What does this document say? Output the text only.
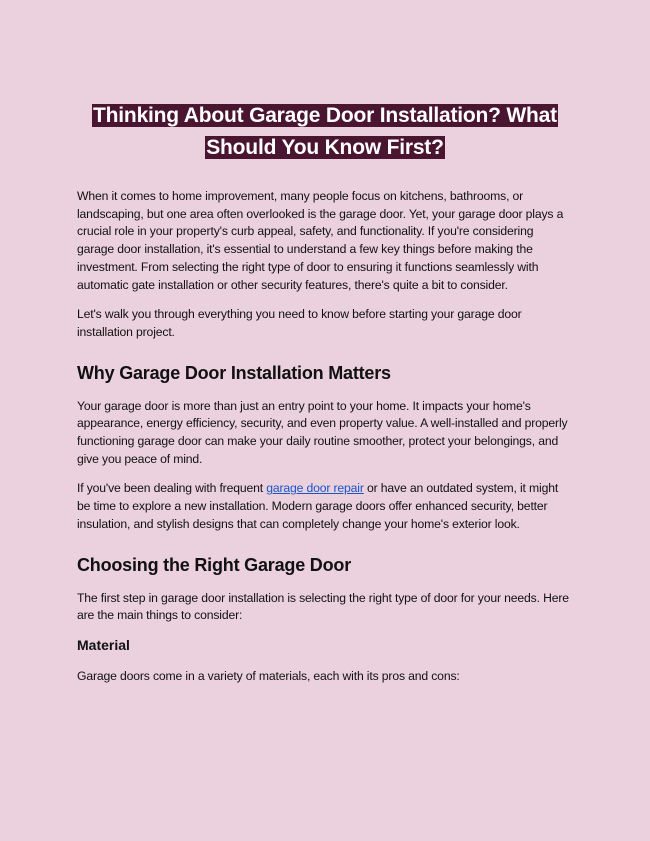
Thinking About Garage Door Installation? What Should You Know First?

When it comes to home improvement, many people focus on kitchens, bathrooms, or landscaping, but one area often overlooked is the garage door. Yet, your garage door plays a crucial role in your property's curb appeal, safety, and functionality. If you're considering garage door installation, it's essential to understand a few key things before making the investment. From selecting the right type of door to ensuring it functions seamlessly with automatic gate installation or other security features, there's quite a bit to consider.

Let's walk you through everything you need to know before starting your garage door installation project.

Why Garage Door Installation Matters

Your garage door is more than just an entry point to your home. It impacts your home's appearance, energy efficiency, security, and even property value. A well-installed and properly functioning garage door can make your daily routine smoother, protect your belongings, and give you peace of mind.

If you've been dealing with frequent garage door repair or have an outdated system, it might be time to explore a new installation. Modern garage doors offer enhanced security, better insulation, and stylish designs that can completely change your home's exterior look.

Choosing the Right Garage Door

The first step in garage door installation is selecting the right type of door for your needs. Here are the main things to consider:

Material

Garage doors come in a variety of materials, each with its pros and cons:
